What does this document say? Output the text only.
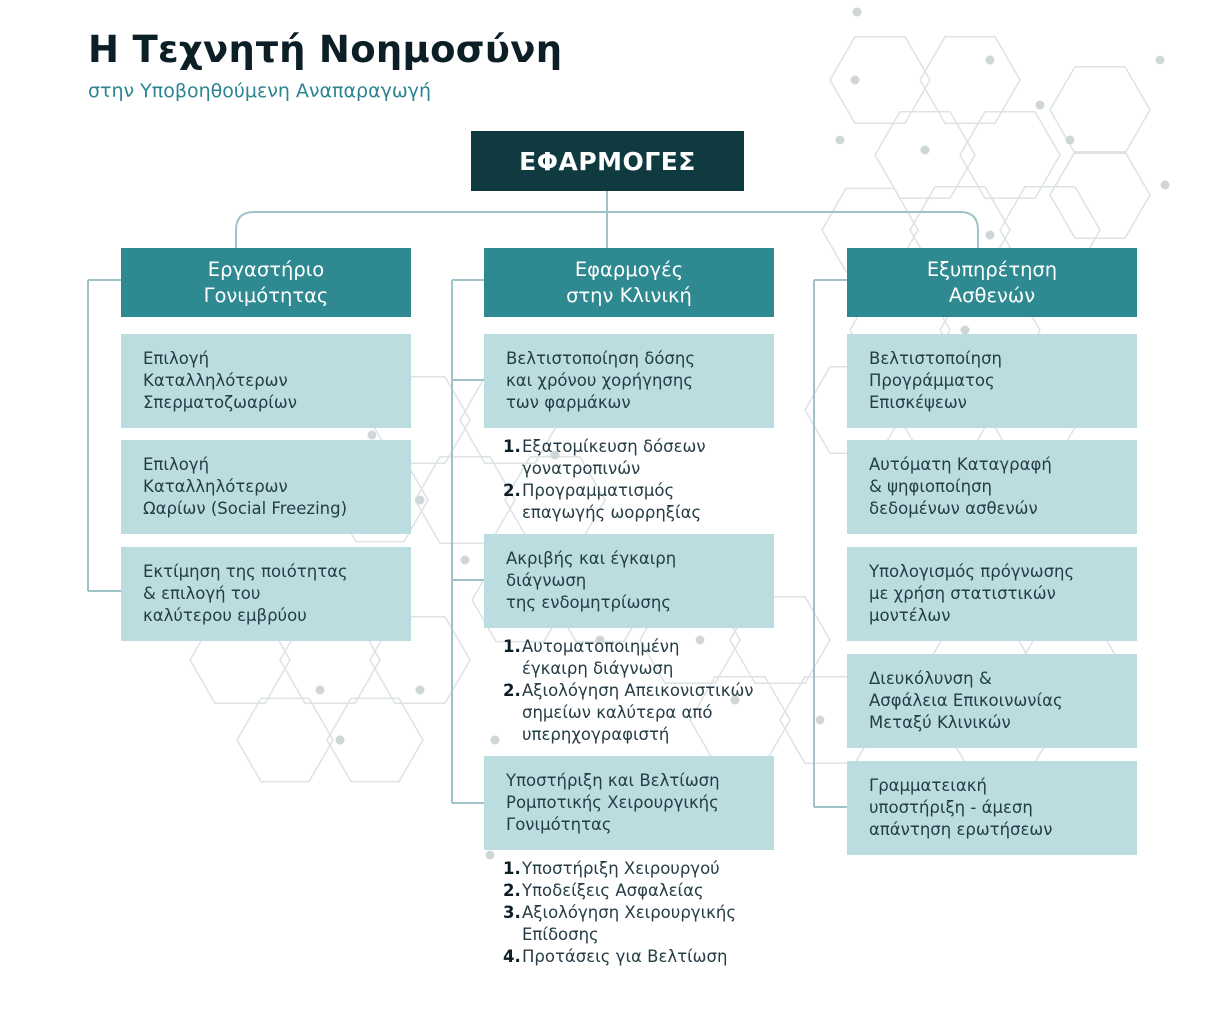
Η Τεχνητή Νοημοσύνη

στην Υποβοηθούμενη Αναπαραγωγή

ΕΦΑΡΜΟΓΕΣ
Εργαστήριο
Γονιμότητας
Εφαρμογές
στην Κλινική
Εξυπηρέτηση
Ασθενών
Επιλογή
Καταλληλότερων
Σπερματοζωαρίων
Επιλογή
Καταλληλότερων
Ωαρίων (Social Freezing)
Εκτίμηση της ποιότητας
& επιλογή του
καλύτερου εμβρύου
Βελτιστοποίηση δόσης
και χρόνου χορήγησης
των φαρμάκων
1. Εξατομίκευση δόσεων
γονατροπινών
2. Προγραμματισμός
επαγωγής ωορρηξίας
Ακριβής και έγκαιρη
διάγνωση
της ενδομητρίωσης
1. Αυτοματοποιημένη
έγκαιρη διάγνωση
2. Αξιολόγηση Απεικονιστικών
σημείων καλύτερα από
υπερηχογραφιστή
Υποστήριξη και Βελτίωση
Ρομποτικής Χειρουργικής
Γονιμότητας
1. Υποστήριξη Χειρουργού
2. Υποδείξεις Ασφαλείας
3. Αξιολόγηση Χειρουργικής
Επίδοσης
4. Προτάσεις για Βελτίωση
Βελτιστοποίηση
Προγράμματος
Επισκέψεων
Αυτόματη Καταγραφή
& ψηφιοποίηση
δεδομένων ασθενών
Υπολογισμός πρόγνωσης
με χρήση στατιστικών
μοντέλων
Διευκόλυνση &
Ασφάλεια Επικοινωνίας
Μεταξύ Κλινικών
Γραμματειακή
υποστήριξη - άμεση
απάντηση ερωτήσεων
